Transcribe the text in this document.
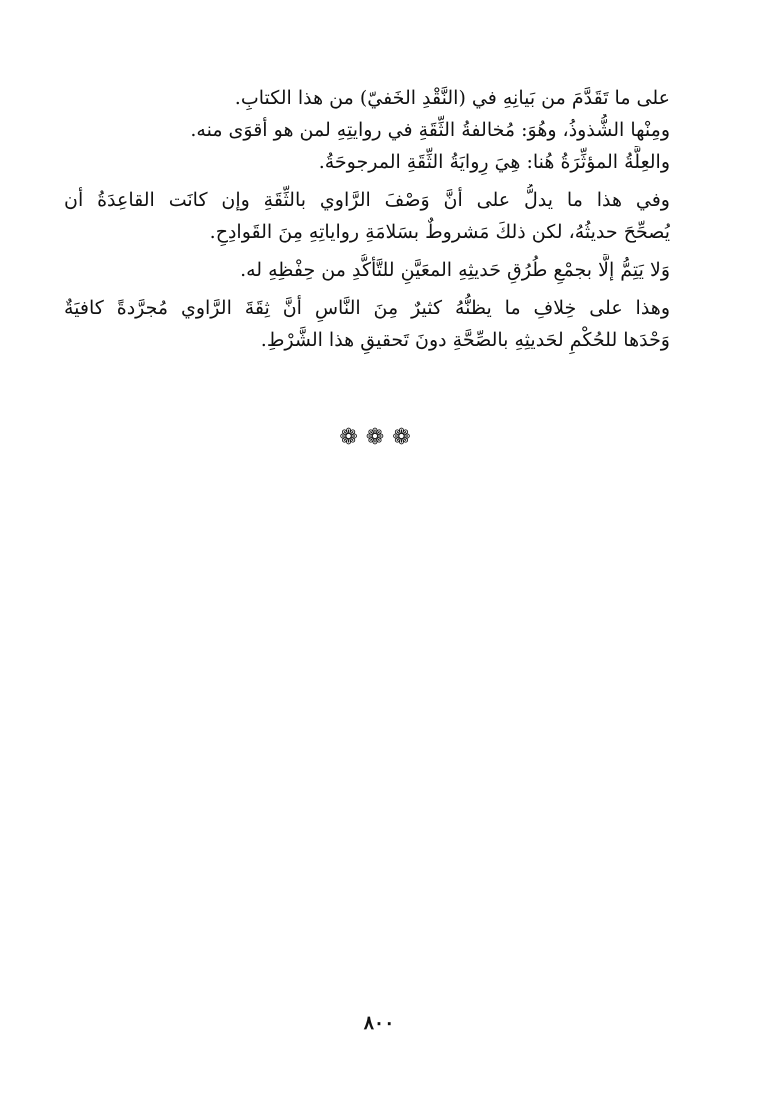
على ما تَقَدَّمَ من بَيانِهِ في (النَّقْدِ الخَفيّ) من هذا الكتابِ.
ومِنْها الشُّذوذُ، وهُوَ: مُخالفةُ الثِّقَةِ في روايتِهِ لمن هو أقوَى منه.
والعِلَّةُ المؤثِّرَةُ هُنا: هِيَ رِوايَةُ الثِّقَةِ المرجوحَةُ.
وفي هذا ما يدلُّ على أنَّ وَصْفَ الرَّاوي بالثِّقَةِ وإن كانَت القاعِدَةُ أن
يُصحِّحَ حديثُهُ، لكن ذلكَ مَشروطٌ بسَلامَةِ رواياتِهِ مِنَ القَوادِحِ.
وَلا يَتِمُّ إلَّا بجمْعِ طُرُقِ حَديثِهِ المعَيَّنِ للتَّأكُّدِ من حِفْظِهِ له.
وهذا على خِلافِ ما يظنُّهُ كثيرٌ مِنَ النَّاسِ أنَّ ثِقَةَ الرَّاوي مُجرَّدةً كافيَةٌ
وَحْدَها للحُكْمِ لحَديثِهِ بالصِّحَّةِ دونَ تَحقيقِ هذا الشَّرْطِ.
❁❁❁
٨٠٠
